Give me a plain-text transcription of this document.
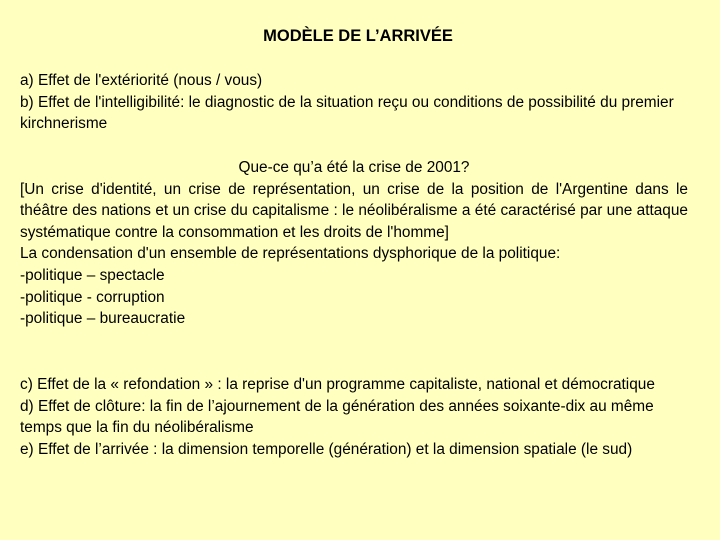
MODÈLE DE L’ARRIVÉE

a) Effet de l'extériorité (nous / vous)

b) Effet de l'intelligibilité: le diagnostic de la situation reçu ou conditions de possibilité du premier kirchnerisme

Que-ce qu’a été la crise de 2001?

[Un crise d'identité, un crise de représentation, un crise de la position de l'Argentine dans le théâtre des nations et un crise du capitalisme : le néolibéralisme a été caractérisé par une attaque systématique contre la consommation et les droits de l'homme]

La condensation d'un ensemble de représentations dysphorique de la politique:

-politique – spectacle

-politique - corruption

-politique – bureaucratie

c) Effet de la « refondation » : la reprise d'un programme capitaliste, national et démocratique

d) Effet de clôture: la fin de l’ajournement de la génération des années soixante-dix au même temps que la fin du néolibéralisme

e) Effet de l’arrivée : la dimension temporelle (génération) et la dimension spatiale (le sud)
